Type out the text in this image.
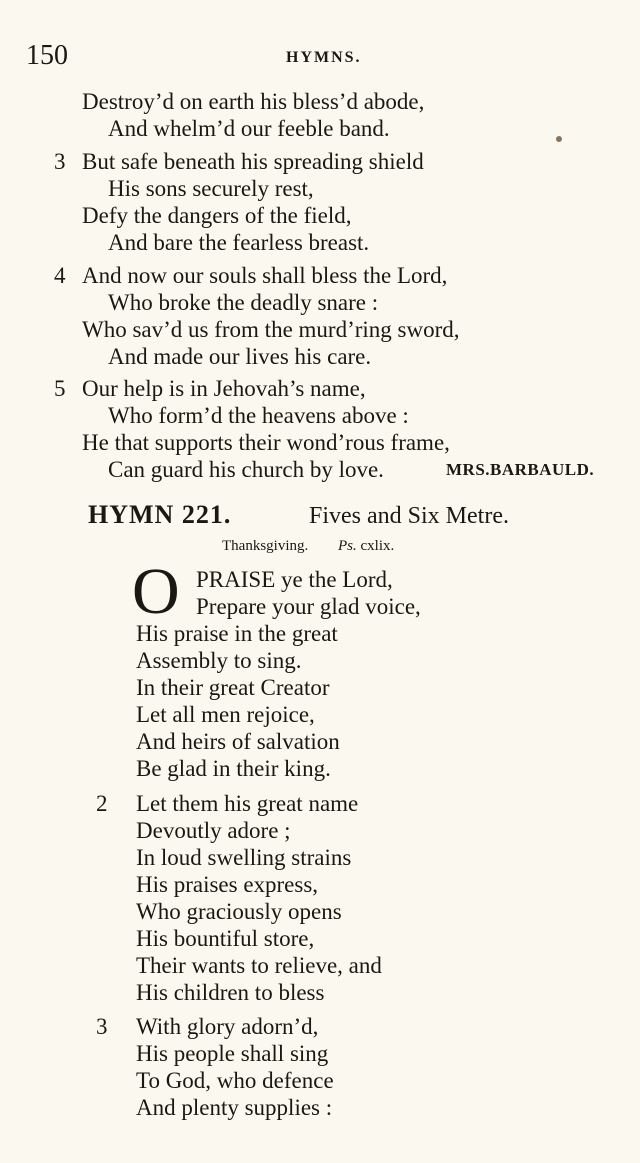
150	HYMNS.
Destroy’d on earth his bless’d abode,
And whelm’d our feeble band.
3 But safe beneath his spreading shield
His sons securely rest,
Defy the dangers of the field,
And bare the fearless breast.
4 And now our souls shall bless the Lord,
Who broke the deadly snare :
Who sav’d us from the murd’ring sword,
And made our lives his care.
5 Our help is in Jehovah’s name,
Who form’d the heavens above :
He that supports their wond’rous frame,
Can guard his church by love.	MRS.BARBAULD.
HYMN 221.	Fives and Six Metre.
Thanksgiving. Ps. cxlix.
O PRAISE ye the Lord,
Prepare your glad voice,
His praise in the great
Assembly to sing.
In their great Creator
Let all men rejoice,
And heirs of salvation
Be glad in their king.
2 Let them his great name
Devoutly adore ;
In loud swelling strains
His praises express,
Who graciously opens
His bountiful store,
Their wants to relieve, and
His children to bless
3 With glory adorn’d,
His people shall sing
To God, who defence
And plenty supplies :
